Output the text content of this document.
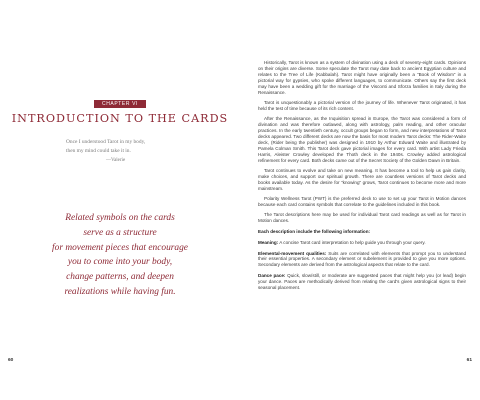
CHAPTER VI
INTRODUCTION TO THE CARDS
Once I understood Tarot in my body,
then my mind could take it in.
—Valerie
Related symbols on the cards
serve as a structure
for movement pieces that encourage
you to come into your body,
change patterns, and deepen
realizations while having fun.
60

Historically, Tarot is known as a system of divination using a deck of seventy-eight cards. Opinions on their origins are diverse. Some speculate the Tarot may date back to ancient Egyptian culture and relates to the Tree of Life (Kabbalah). Tarot might have originally been a “Book of Wisdom” in a pictorial way for gypsies, who spoke different languages, to communicate. Others say the first deck may have been a wedding gift for the marriage of the Visconti and Sforza families in Italy during the Renaissance.

Tarot is unquestionably a pictorial version of the journey of life. Whenever Tarot originated, it has held the test of time because of its rich content.

After the Renaissance, as the Inquisition spread in Europe, the Tarot was considered a form of divination and was therefore outlawed, along with astrology, palm reading, and other oracular practices. In the early twentieth century, occult groups began to form, and new interpretations of Tarot decks appeared. Two different decks are now the basis for most modern Tarot decks: The Rider-Waite deck, (Rider being the publisher) was designed in 1910 by Arthur Edward Waite and illustrated by Pamela Colman Smith. This Tarot deck gave pictorial images for every card. With artist Lady Frieda Harris, Aleister Crowley developed the Thoth deck in the 1940s. Crowley added astrological refinement for every card. Both decks came out of the Secret Society of the Golden Dawn in Britain.

Tarot continues to evolve and take on new meaning. It has become a tool to help us gain clarity, make choices, and support our spiritual growth. There are countless versions of Tarot decks and books available today. As the desire for “knowing” grows, Tarot continues to become more and more mainstream.

Polarity Wellness Tarot (PWT) is the preferred deck to use to set up your Tarot in Motion dances because each card contains symbols that correlate to the guidelines included in this book.

The Tarot descriptions here may be used for individual Tarot card readings as well as for Tarot in Motion dances.

Each description include the following information:

Meaning: A concise Tarot card interpretation to help guide you through your query.

Elemental-movement qualities: Suits are correlated with elements that prompt you to understand their essential properties. A secondary element or subelement is provided to give you more options. Secondary elements are derived from the astrological aspects that relate to the card.

Dance pace: Quick, slow/still, or moderate are suggested paces that might help you (or lead) begin your dance. Paces are methodically derived from relating the card's given astrological signs to their seasonal placement.

61
